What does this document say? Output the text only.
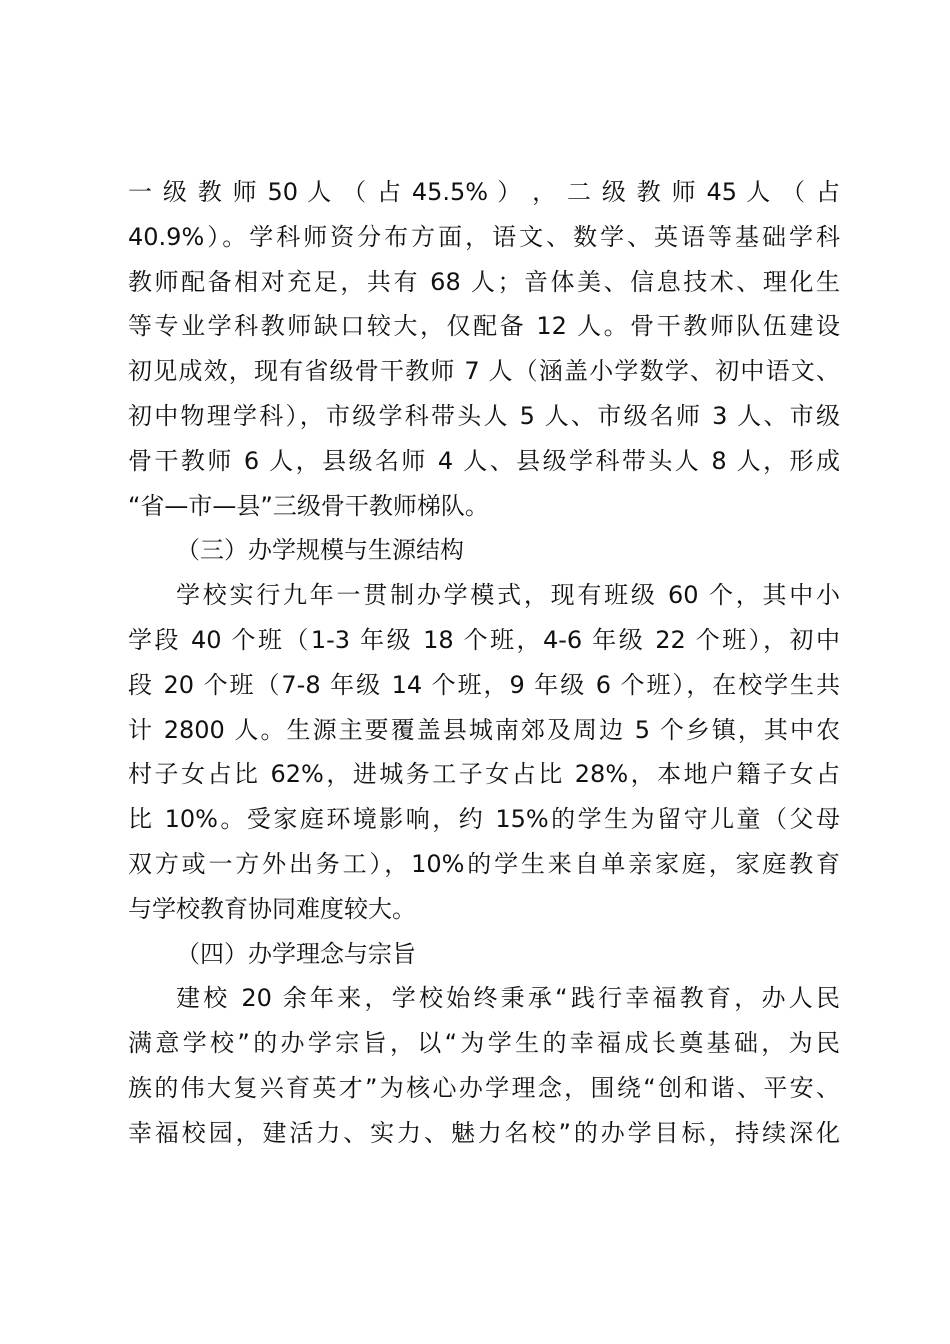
一 级 教 师 50 人 （ 占 45.5% ） ， 二 级 教 师 45 人 （ 占
40.9%）。学科师资分布方面，语文、数学、英语等基础学科
教师配备相对充足，共有 68 人；音体美、信息技术、理化生
等专业学科教师缺口较大，仅配备 12 人。骨干教师队伍建设
初见成效，现有省级骨干教师 7 人（涵盖小学数学、初中语文、
初中物理学科），市级学科带头人 5 人、市级名师 3 人、市级
骨干教师 6 人，县级名师 4 人、县级学科带头人 8 人，形成
“省—市—县”三级骨干教师梯队。
（三）办学规模与生源结构
学校实行九年一贯制办学模式，现有班级 60 个，其中小
学段 40 个班（1-3 年级 18 个班，4-6 年级 22 个班），初中
段 20 个班（7-8 年级 14 个班，9 年级 6 个班），在校学生共
计 2800 人。生源主要覆盖县城南郊及周边 5 个乡镇，其中农
村子女占比 62%，进城务工子女占比 28%，本地户籍子女占
比 10%。受家庭环境影响，约 15%的学生为留守儿童（父母
双方或一方外出务工），10%的学生来自单亲家庭，家庭教育
与学校教育协同难度较大。
（四）办学理念与宗旨
建校 20 余年来，学校始终秉承“践行幸福教育，办人民
满意学校”的办学宗旨，以“为学生的幸福成长奠基础，为民
族的伟大复兴育英才”为核心办学理念，围绕“创和谐、平安、
幸福校园，建活力、实力、魅力名校”的办学目标，持续深化
